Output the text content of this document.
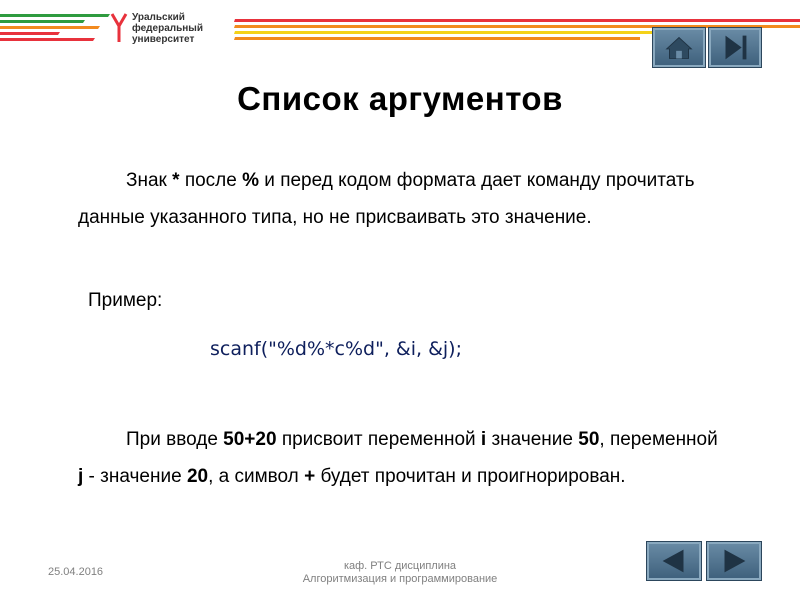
Уральский
федеральный
университет
Список аргументов

Знак * после % и перед кодом формата дает команду прочитать данные указанного типа, но не присваивать это значение.

Пример:
scanf("%d%*c%d", &i, &j);

При вводе 50+20 присвоит переменной i значение 50, переменной j - значение 20, а символ + будет прочитан и проигнорирован.

25.04.2016	каф. РТС дисциплина
Алгоритмизация и программирование
